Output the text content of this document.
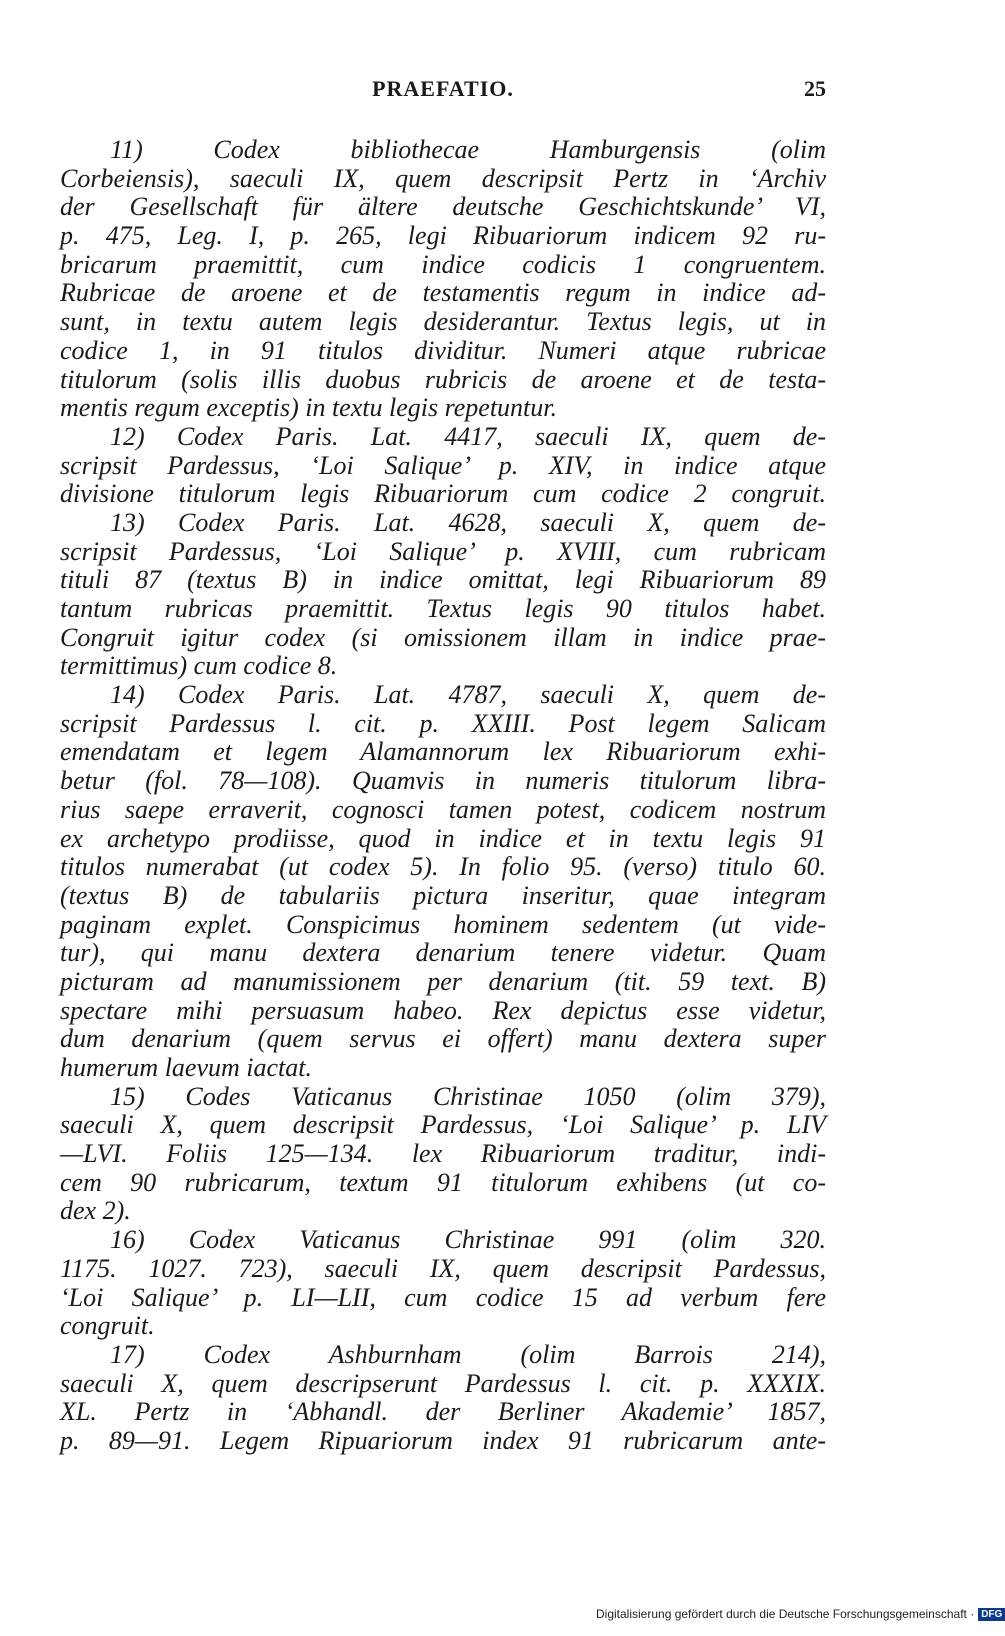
PRAEFATIO.	25
11) Codex bibliothecae Hamburgensis (olim
Corbeiensis), saeculi IX, quem descripsit Pertz in ‘Archiv
der Gesellschaft für ältere deutsche Geschichtskunde’ VI,
p. 475, Leg. I, p. 265, legi Ribuariorum indicem 92 ru-
bricarum praemittit, cum indice codicis 1 congruentem.
Rubricae de aroene et de testamentis regum in indice ad-
sunt, in textu autem legis desiderantur. Textus legis, ut in
codice 1, in 91 titulos dividitur. Numeri atque rubricae
titulorum (solis illis duobus rubricis de aroene et de testa-
mentis regum exceptis) in textu legis repetuntur.
12) Codex Paris. Lat. 4417, saeculi IX, quem de-
scripsit Pardessus, ‘Loi Salique’ p. XIV, in indice atque
divisione titulorum legis Ribuariorum cum codice 2 congruit.
13) Codex Paris. Lat. 4628, saeculi X, quem de-
scripsit Pardessus, ‘Loi Salique’ p. XVIII, cum rubricam
tituli 87 (textus B) in indice omittat, legi Ribuariorum 89
tantum rubricas praemittit. Textus legis 90 titulos habet.
Congruit igitur codex (si omissionem illam in indice prae-
termittimus) cum codice 8.
14) Codex Paris. Lat. 4787, saeculi X, quem de-
scripsit Pardessus l. cit. p. XXIII. Post legem Salicam
emendatam et legem Alamannorum lex Ribuariorum exhi-
betur (fol. 78—108). Quamvis in numeris titulorum libra-
rius saepe erraverit, cognosci tamen potest, codicem nostrum
ex archetypo prodiisse, quod in indice et in textu legis 91
titulos numerabat (ut codex 5). In folio 95. (verso) titulo 60.
(textus B) de tabulariis pictura inseritur, quae integram
paginam explet. Conspicimus hominem sedentem (ut vide-
tur), qui manu dextera denarium tenere videtur. Quam
picturam ad manumissionem per denarium (tit. 59 text. B)
spectare mihi persuasum habeo. Rex depictus esse videtur,
dum denarium (quem servus ei offert) manu dextera super
humerum laevum iactat.
15) Codes Vaticanus Christinae 1050 (olim 379),
saeculi X, quem descripsit Pardessus, ‘Loi Salique’ p. LIV
—LVI. Foliis 125—134. lex Ribuariorum traditur, indi-
cem 90 rubricarum, textum 91 titulorum exhibens (ut co-
dex 2).
16) Codex Vaticanus Christinae 991 (olim 320.
1175. 1027. 723), saeculi IX, quem descripsit Pardessus,
‘Loi Salique’ p. LI—LII, cum codice 15 ad verbum fere
congruit.
17) Codex Ashburnham (olim Barrois 214),
saeculi X, quem descripserunt Pardessus l. cit. p. XXXIX.
XL. Pertz in ‘Abhandl. der Berliner Akademie’ 1857,
p. 89—91. Legem Ripuariorum index 91 rubricarum ante-
Digitalisierung gefördert durch die Deutsche Forschungsgemeinschaft · DFG
